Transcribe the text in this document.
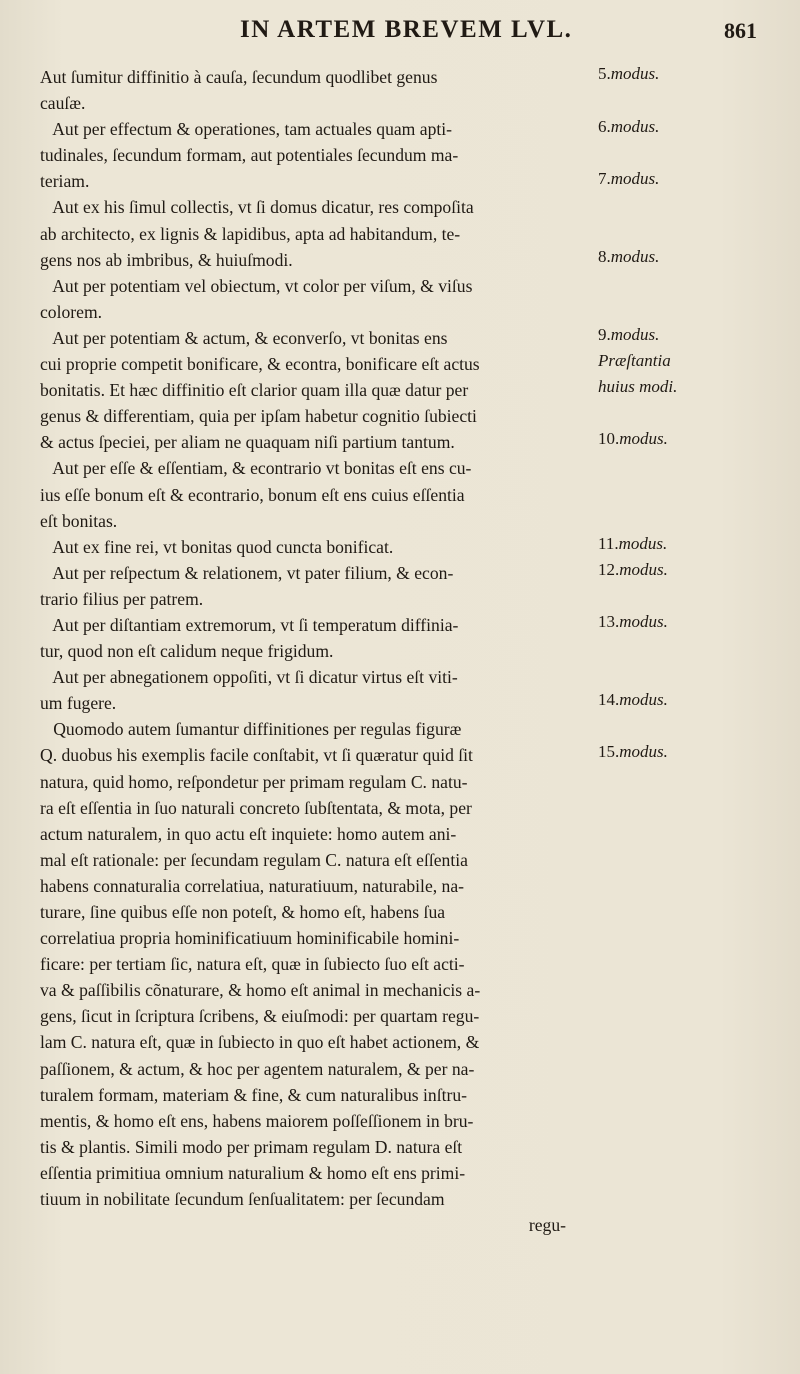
IN ARTEM BREVEM LVL.	861
Aut ſumitur diffinitio à cauſa, ſecundum quodlibet genus
cauſæ.
Aut per effectum & operationes, tam actuales quam apti-
tudinales, ſecundum formam, aut potentiales ſecundum ma-
teriam.
Aut ex his ſimul collectis, vt ſi domus dicatur, res compoſita
ab architecto, ex lignis & lapidibus, apta ad habitandum, te-
gens nos ab imbribus, & huiuſmodi.
Aut per potentiam vel obiectum, vt color per viſum, & viſus
colorem.
Aut per potentiam & actum, & econverſo, vt bonitas ens
cui proprie competit bonificare, & econtra, bonificare eſt actus
bonitatis. Et hæc diffinitio eſt clarior quam illa quæ datur per
genus & differentiam, quia per ipſam habetur cognitio ſubiecti
& actus ſpeciei, per aliam ne quaquam niſi partium tantum.
Aut per eſſe & eſſentiam, & econtrario vt bonitas eſt ens cu-
ius eſſe bonum eſt & econtrario, bonum eſt ens cuius eſſentia
eſt bonitas.
Aut ex fine rei, vt bonitas quod cuncta bonificat.
Aut per reſpectum & relationem, vt pater filium, & econ-
trario filius per patrem.
Aut per diſtantiam extremorum, vt ſi temperatum diffinia-
tur, quod non eſt calidum neque frigidum.
Aut per abnegationem oppoſiti, vt ſi dicatur virtus eſt viti-
um fugere.
Quomodo autem ſumantur diffinitiones per regulas figuræ
Q. duobus his exemplis facile conſtabit, vt ſi quæratur quid ſit
natura, quid homo, reſpondetur per primam regulam C. natu-
ra eſt eſſentia in ſuo naturali concreto ſubſtentata, & mota, per
actum naturalem, in quo actu eſt inquiete: homo autem ani-
mal eſt rationale: per ſecundam regulam C. natura eſt eſſentia
habens connaturalia correlatiua, naturatiuum, naturabile, na-
turare, ſine quibus eſſe non poteſt, & homo eſt, habens ſua
correlatiua propria hominificatiuum hominificabile homini-
ficare: per tertiam ſic, natura eſt, quæ in ſubiecto ſuo eſt acti-
va & paſſibilis cõnaturare, & homo eſt animal in mechanicis a-
gens, ſicut in ſcriptura ſcribens, & eiuſmodi: per quartam regu-
lam C. natura eſt, quæ in ſubiecto in quo eſt habet actionem, &
paſſionem, & actum, & hoc per agentem naturalem, & per na-
turalem formam, materiam & fine, & cum naturalibus inſtru-
mentis, & homo eſt ens, habens maiorem poſſeſſionem in bru-
tis & plantis. Simili modo per primam regulam D. natura eſt
eſſentia primitiua omnium naturalium & homo eſt ens primi-
tiuum in nobilitate ſecundum ſenſualitatem: per ſecundam
regu-
5.modus.
6.modus.
7.modus.
8.modus.
9.modus.
Præſtantia
huius modi.
10.modus.
11.modus.
12.modus.
13.modus.
14.modus.
15.modus.
